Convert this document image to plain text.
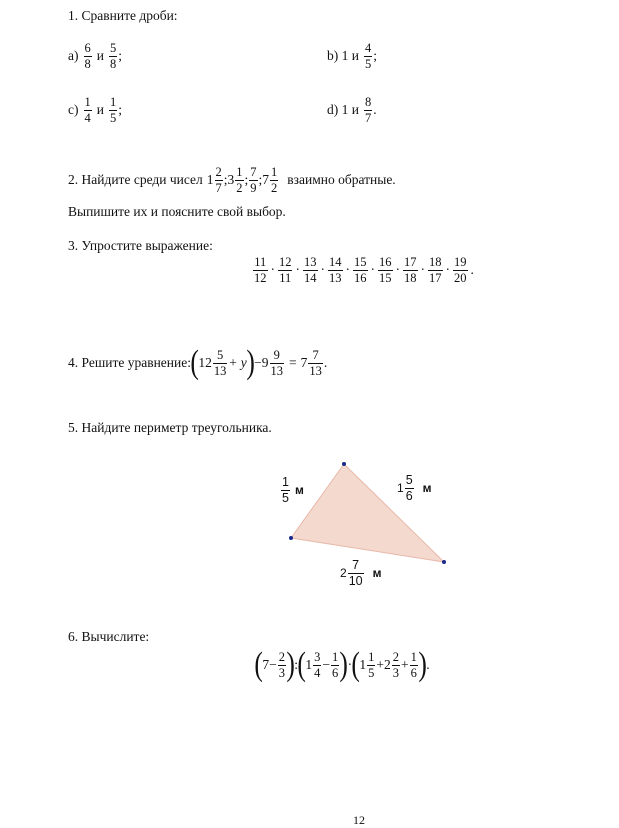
1. Сравните дроби:
$a) \frac{6}{8}$ и $\frac{5}{8}$ ;	b) 1 и $\frac{4}{5}$ ;
$c) \frac{1}{4}$ и $\frac{1}{5}$ ;	d) 1 и $\frac{8}{7}$ .
2. Найдите среди чисел $1 \frac{2}{7}$ ; $3 \frac{1}{2}$ ; $\frac{7}{9}$ ; $7 \frac{1}{2}$ взаимно обратные.
Выпишите их и поясните свой выбор.
3. Упростите выражение:
$\frac{11}{12} \cdot \frac{12}{11} \cdot \frac{13}{14} \cdot \frac{14}{13} \cdot \frac{15}{16} \cdot \frac{16}{15} \cdot \frac{17}{18} \cdot \frac{18}{17} \cdot \frac{19}{20}$ .
4. Решите уравнение: ( $12 \frac{5}{13} + y$ ) − $9 \frac{9}{13} = 7 \frac{7}{13}$ .
5. Найдите периметр треугольника.
$\frac{1}{5}$ м	$1 \frac{5}{6}$ м
$2 \frac{7}{10}$ м
6. Вычислите:
( $7 - \frac{2}{3}$ ) : ( $1 \frac{3}{4} - \frac{1}{6}$ ) · ( $1 \frac{1}{5} + 2 \frac{2}{3} + \frac{1}{6}$ ) .
12
